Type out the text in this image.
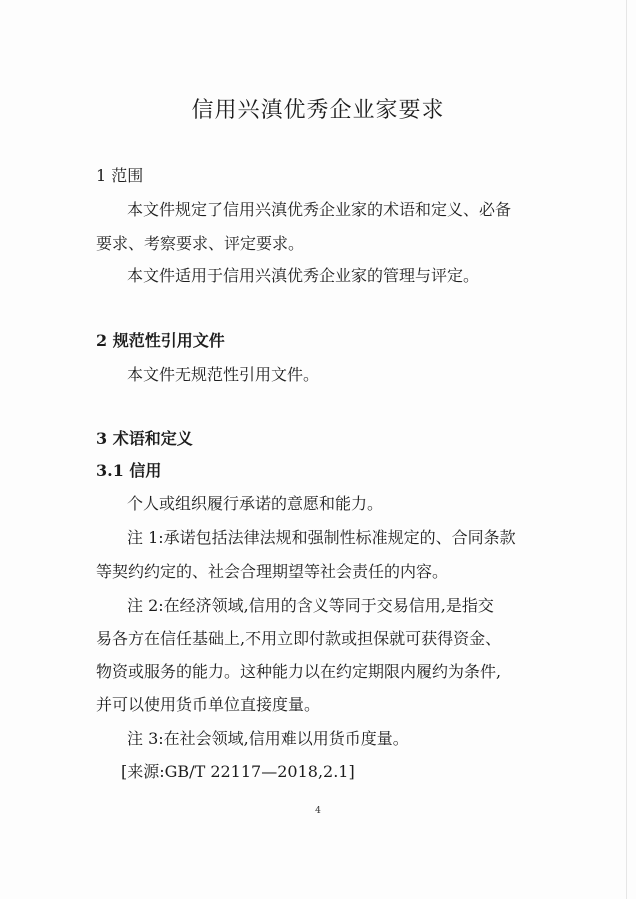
信用兴滇优秀企业家要求
1 范围
本文件规定了信用兴滇优秀企业家的术语和定义、必备
要求、考察要求、评定要求。
本文件适用于信用兴滇优秀企业家的管理与评定。
2 规范性引用文件
本文件无规范性引用文件。
3 术语和定义
3.1 信用
个人或组织履行承诺的意愿和能力。
注 1:承诺包括法律法规和强制性标准规定的、合同条款
等契约约定的、社会合理期望等社会责任的内容。
注 2:在经济领域,信用的含义等同于交易信用,是指交
易各方在信任基础上,不用立即付款或担保就可获得资金、
物资或服务的能力。这种能力以在约定期限内履约为条件,
并可以使用货币单位直接度量。
注 3:在社会领域,信用难以用货币度量。
[来源:GB/T 22117—2018,2.1]
4
